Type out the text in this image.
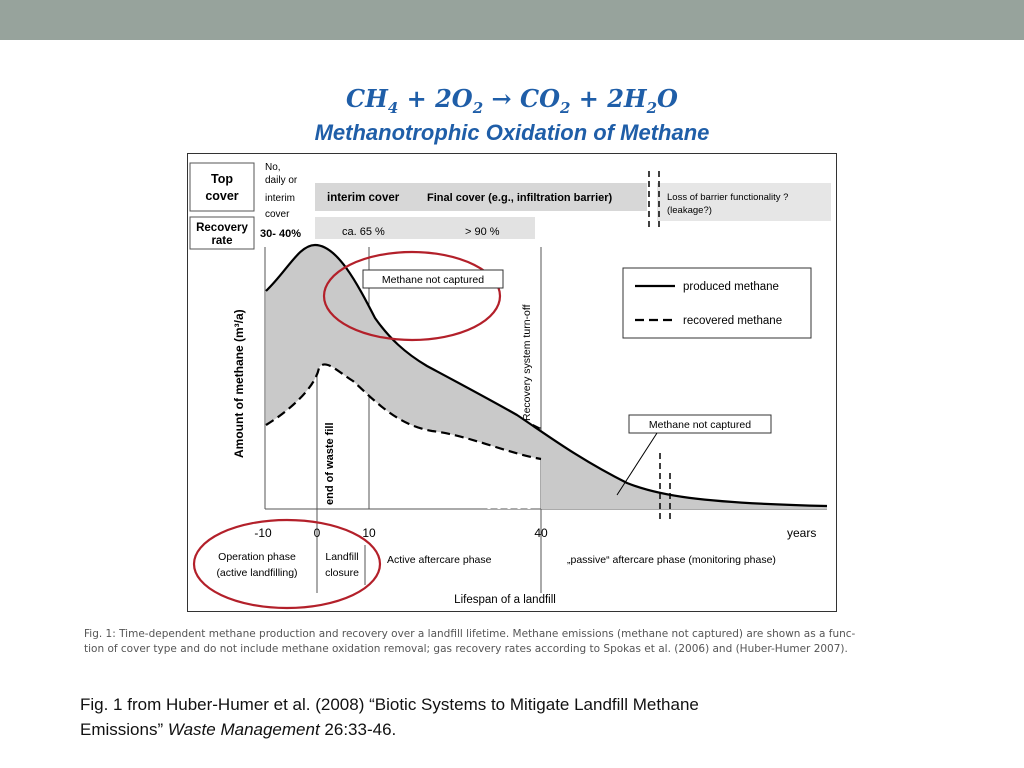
$CH_4 + 2O_2 \to CO_2 + 2H_2O$
Methanotrophic Oxidation of Methane
Top
cover
Recovery
rate
No,
daily or
interim
cover
interim cover	Final cover (e.g., infiltration barrier)	Loss of barrier functionality ?
(leakage?)
30- 40%	ca. 65 %	> 90 %
Amount of methane (m³/a)
end of waste fill
Recovery system turn-off
Methane not captured
produced methane
recovered methane
Methane not captured
-10	0	10	40	years
Operation phase
(active landfilling)
Landfill
closure
Active aftercare phase	„passive“ aftercare phase (monitoring phase)
Lifespan of a landfill
Fig. 1: Time-dependent methane production and recovery over a landfill lifetime. Methane emissions (methane not captured) are shown as a func-
tion of cover type and do not include methane oxidation removal; gas recovery rates according to Spokas et al. (2006) and (Huber-Humer 2007).
Fig. 1 from Huber-Humer et al. (2008) “Biotic Systems to Mitigate Landfill Methane
Emissions” Waste Management 26:33-46.
